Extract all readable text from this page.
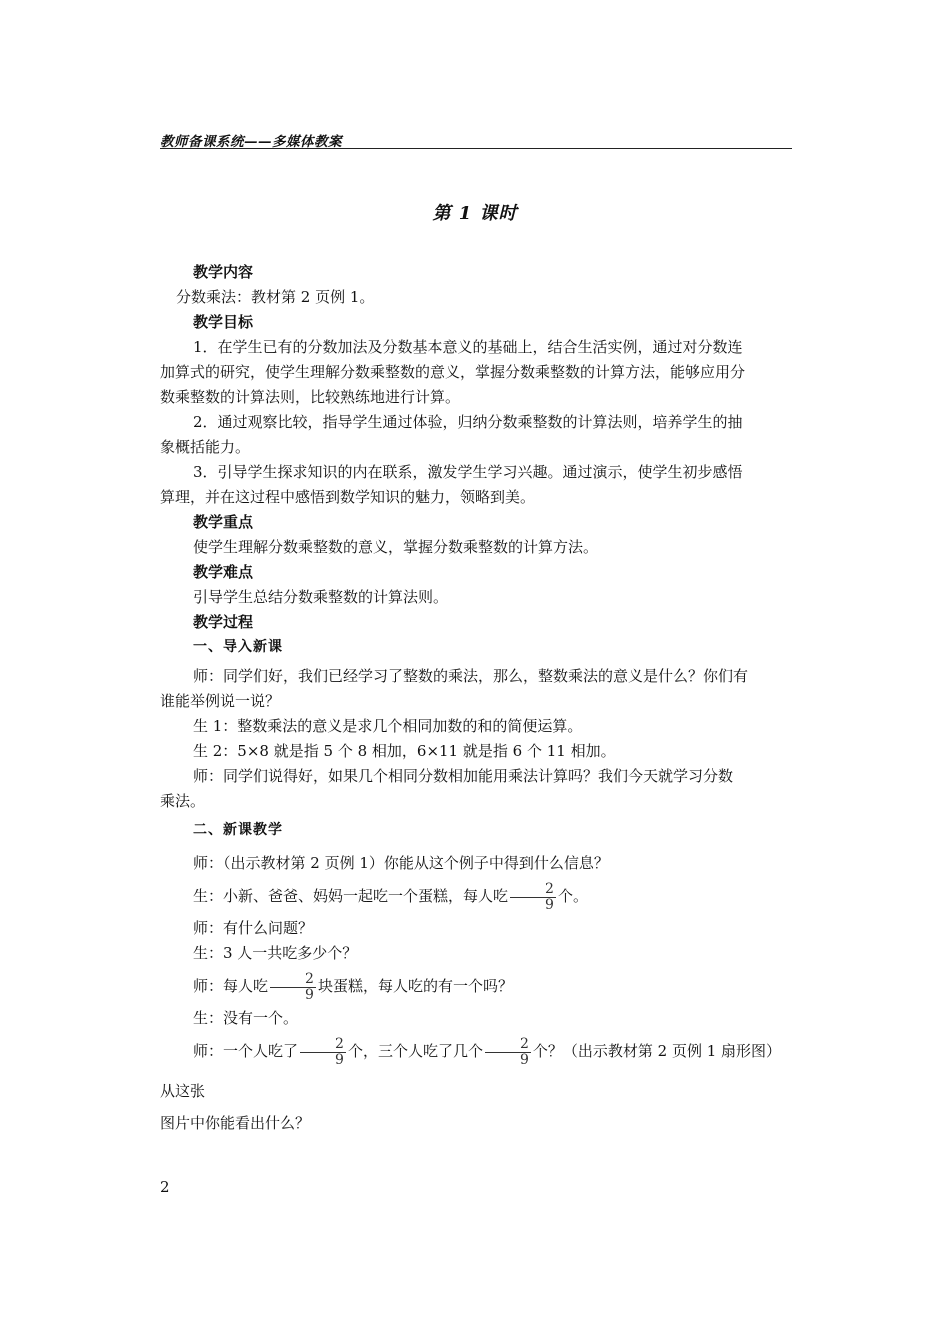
教师备课系统——多媒体教案
第 1 课时

教学内容

分数乘法：教材第 2 页例 1。

教学目标

1．在学生已有的分数加法及分数基本意义的基础上，结合生活实例，通过对分数连

加算式的研究，使学生理解分数乘整数的意义，掌握分数乘整数的计算方法，能够应用分

数乘整数的计算法则，比较熟练地进行计算。

2．通过观察比较，指导学生通过体验，归纳分数乘整数的计算法则，培养学生的抽

象概括能力。

3．引导学生探求知识的内在联系，激发学生学习兴趣。通过演示，使学生初步感悟

算理，并在这过程中感悟到数学知识的魅力，领略到美。

教学重点

使学生理解分数乘整数的意义，掌握分数乘整数的计算方法。

教学难点

引导学生总结分数乘整数的计算法则。

教学过程

一、导入新课

师：同学们好，我们已经学习了整数的乘法，那么，整数乘法的意义是什么？你们有

谁能举例说一说？

生 1：整数乘法的意义是求几个相同加数的和的简便运算。

生 2：5×8 就是指 5 个 8 相加，6×11 就是指 6 个 11 相加。

师：同学们说得好，如果几个相同分数相加能用乘法计算吗？我们今天就学习分数

乘法。

二、新课教学

师：（出示教材第 2 页例 1）你能从这个例子中得到什么信息？

生：小新、爸爸、妈妈一起吃一个蛋糕，每人吃 $\frac{2}{9}$ 个。

师：有什么问题？

生：3 人一共吃多少个？

师：每人吃 $\frac{2}{9}$ 块蛋糕，每人吃的有一个吗？

生：没有一个。

师：一个人吃了 $\frac{2}{9}$ 个，三个人吃了几个 $\frac{2}{9}$ 个？（出示教材第 2 页例 1 扇形图）从这张

图片中你能看出什么？

2
